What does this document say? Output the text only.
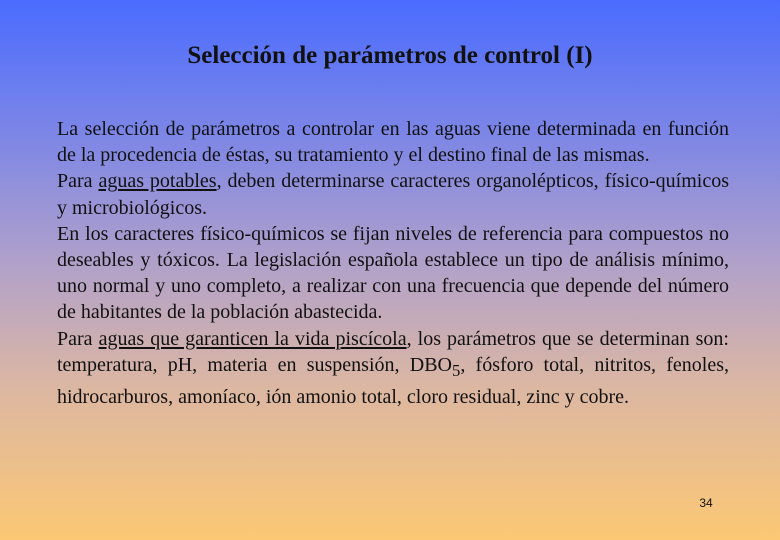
Selección de parámetros de control (I)

La selección de parámetros a controlar en las aguas viene determinada en función de la procedencia de éstas, su tratamiento y el destino final de las mismas.

Para aguas potables, deben determinarse caracteres organolépticos, físico-químicos y microbiológicos.

En los caracteres físico-químicos se fijan niveles de referencia para compuestos no deseables y tóxicos. La legislación española establece un tipo de análisis mínimo, uno normal y uno completo, a realizar con una frecuencia que depende del número de habitantes de la población abastecida.

Para aguas que garanticen la vida piscícola, los parámetros que se determinan son: temperatura, pH, materia en suspensión, $DBO_5$, fósforo total, nitritos, fenoles, hidrocarburos, amoníaco, ión amonio total, cloro residual, zinc y cobre.

34
